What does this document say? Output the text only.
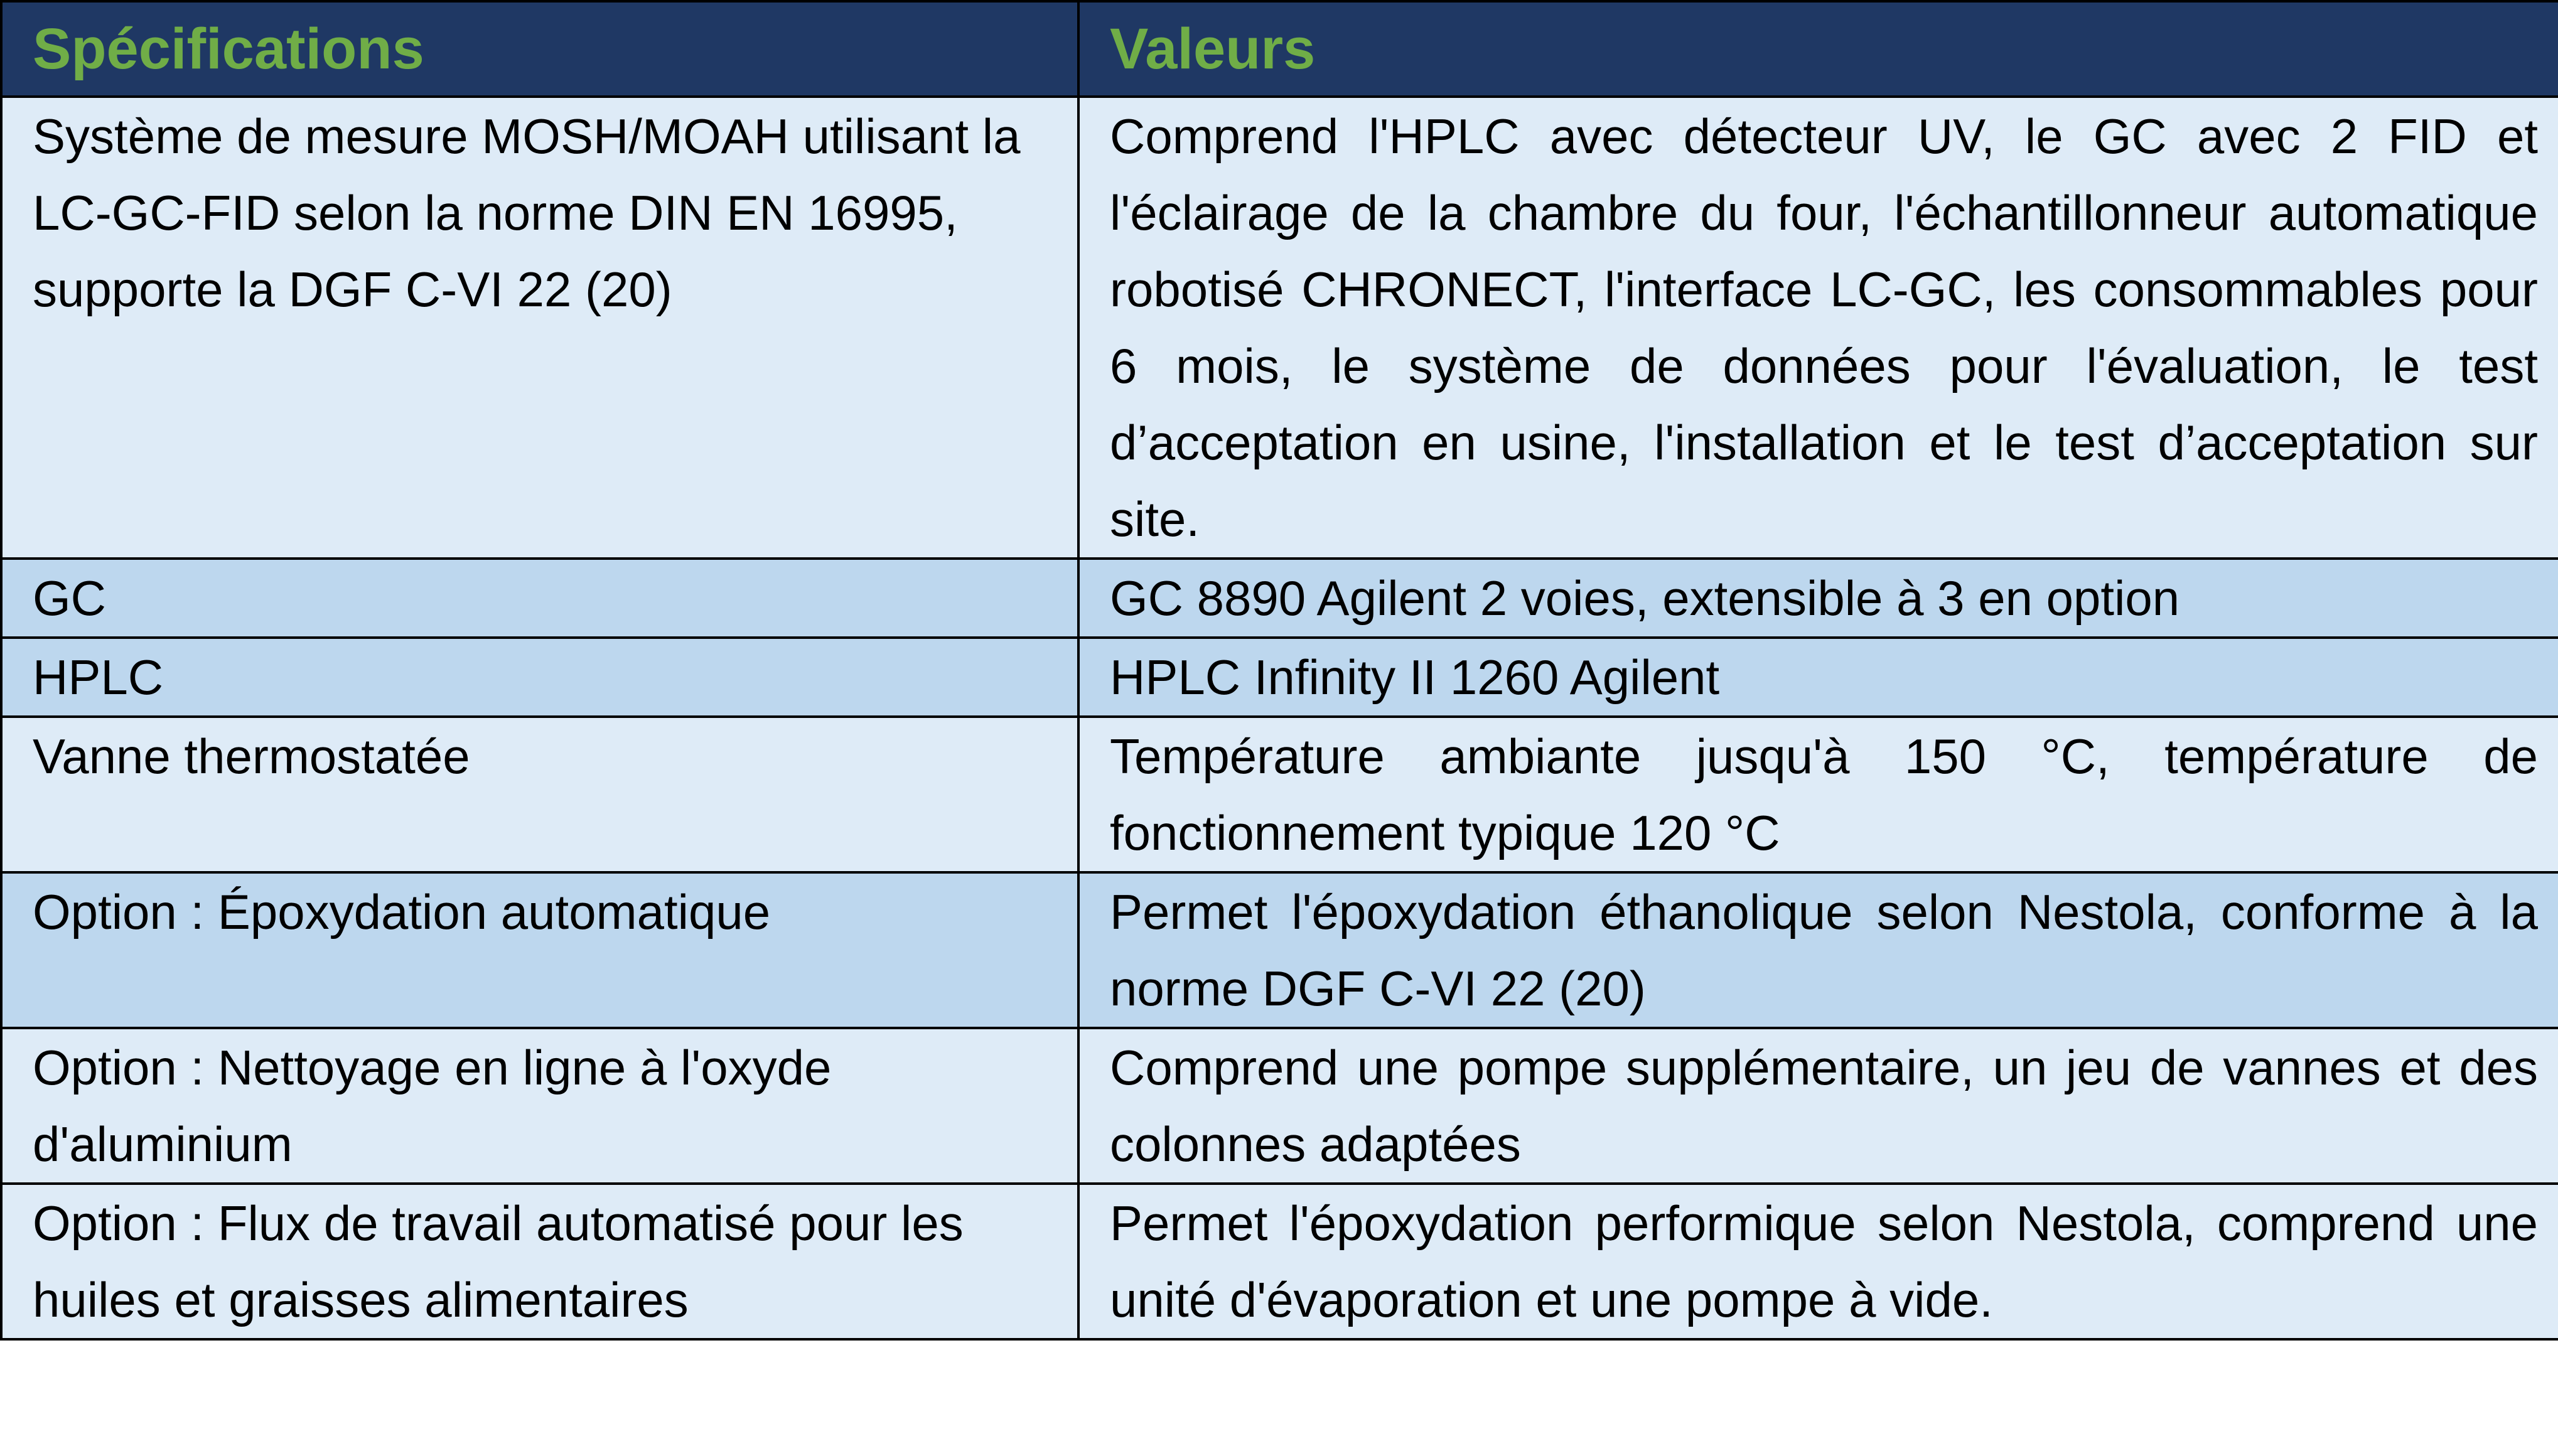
Spécifications	Valeurs
Système de mesure MOSH/MOAH utilisant la LC-GC-FID selon la norme DIN EN 16995, supporte la DGF C-VI 22 (20)	Comprend l'HPLC avec détecteur UV, le GC avec 2 FID et l'éclairage de la chambre du four, l'échantillonneur automatique robotisé CHRONECT, l'interface LC-GC, les consommables pour 6 mois, le système de données pour l'évaluation, le test d’acceptation en usine, l'installation et le test d’acceptation sur site.
GC	GC 8890 Agilent 2 voies, extensible à 3 en option
HPLC	HPLC Infinity II 1260 Agilent
Vanne thermostatée	Température ambiante jusqu'à 150 °C, température de fonctionnement typique 120 °C
Option : Époxydation automatique	Permet l'époxydation éthanolique selon Nestola, conforme à la norme DGF C-VI 22 (20)
Option : Nettoyage en ligne à l'oxyde d'aluminium	Comprend une pompe supplémentaire, un jeu de vannes et des colonnes adaptées
Option : Flux de travail automatisé pour les huiles et graisses alimentaires	Permet l'époxydation performique selon Nestola, comprend une unité d'évaporation et une pompe à vide.
